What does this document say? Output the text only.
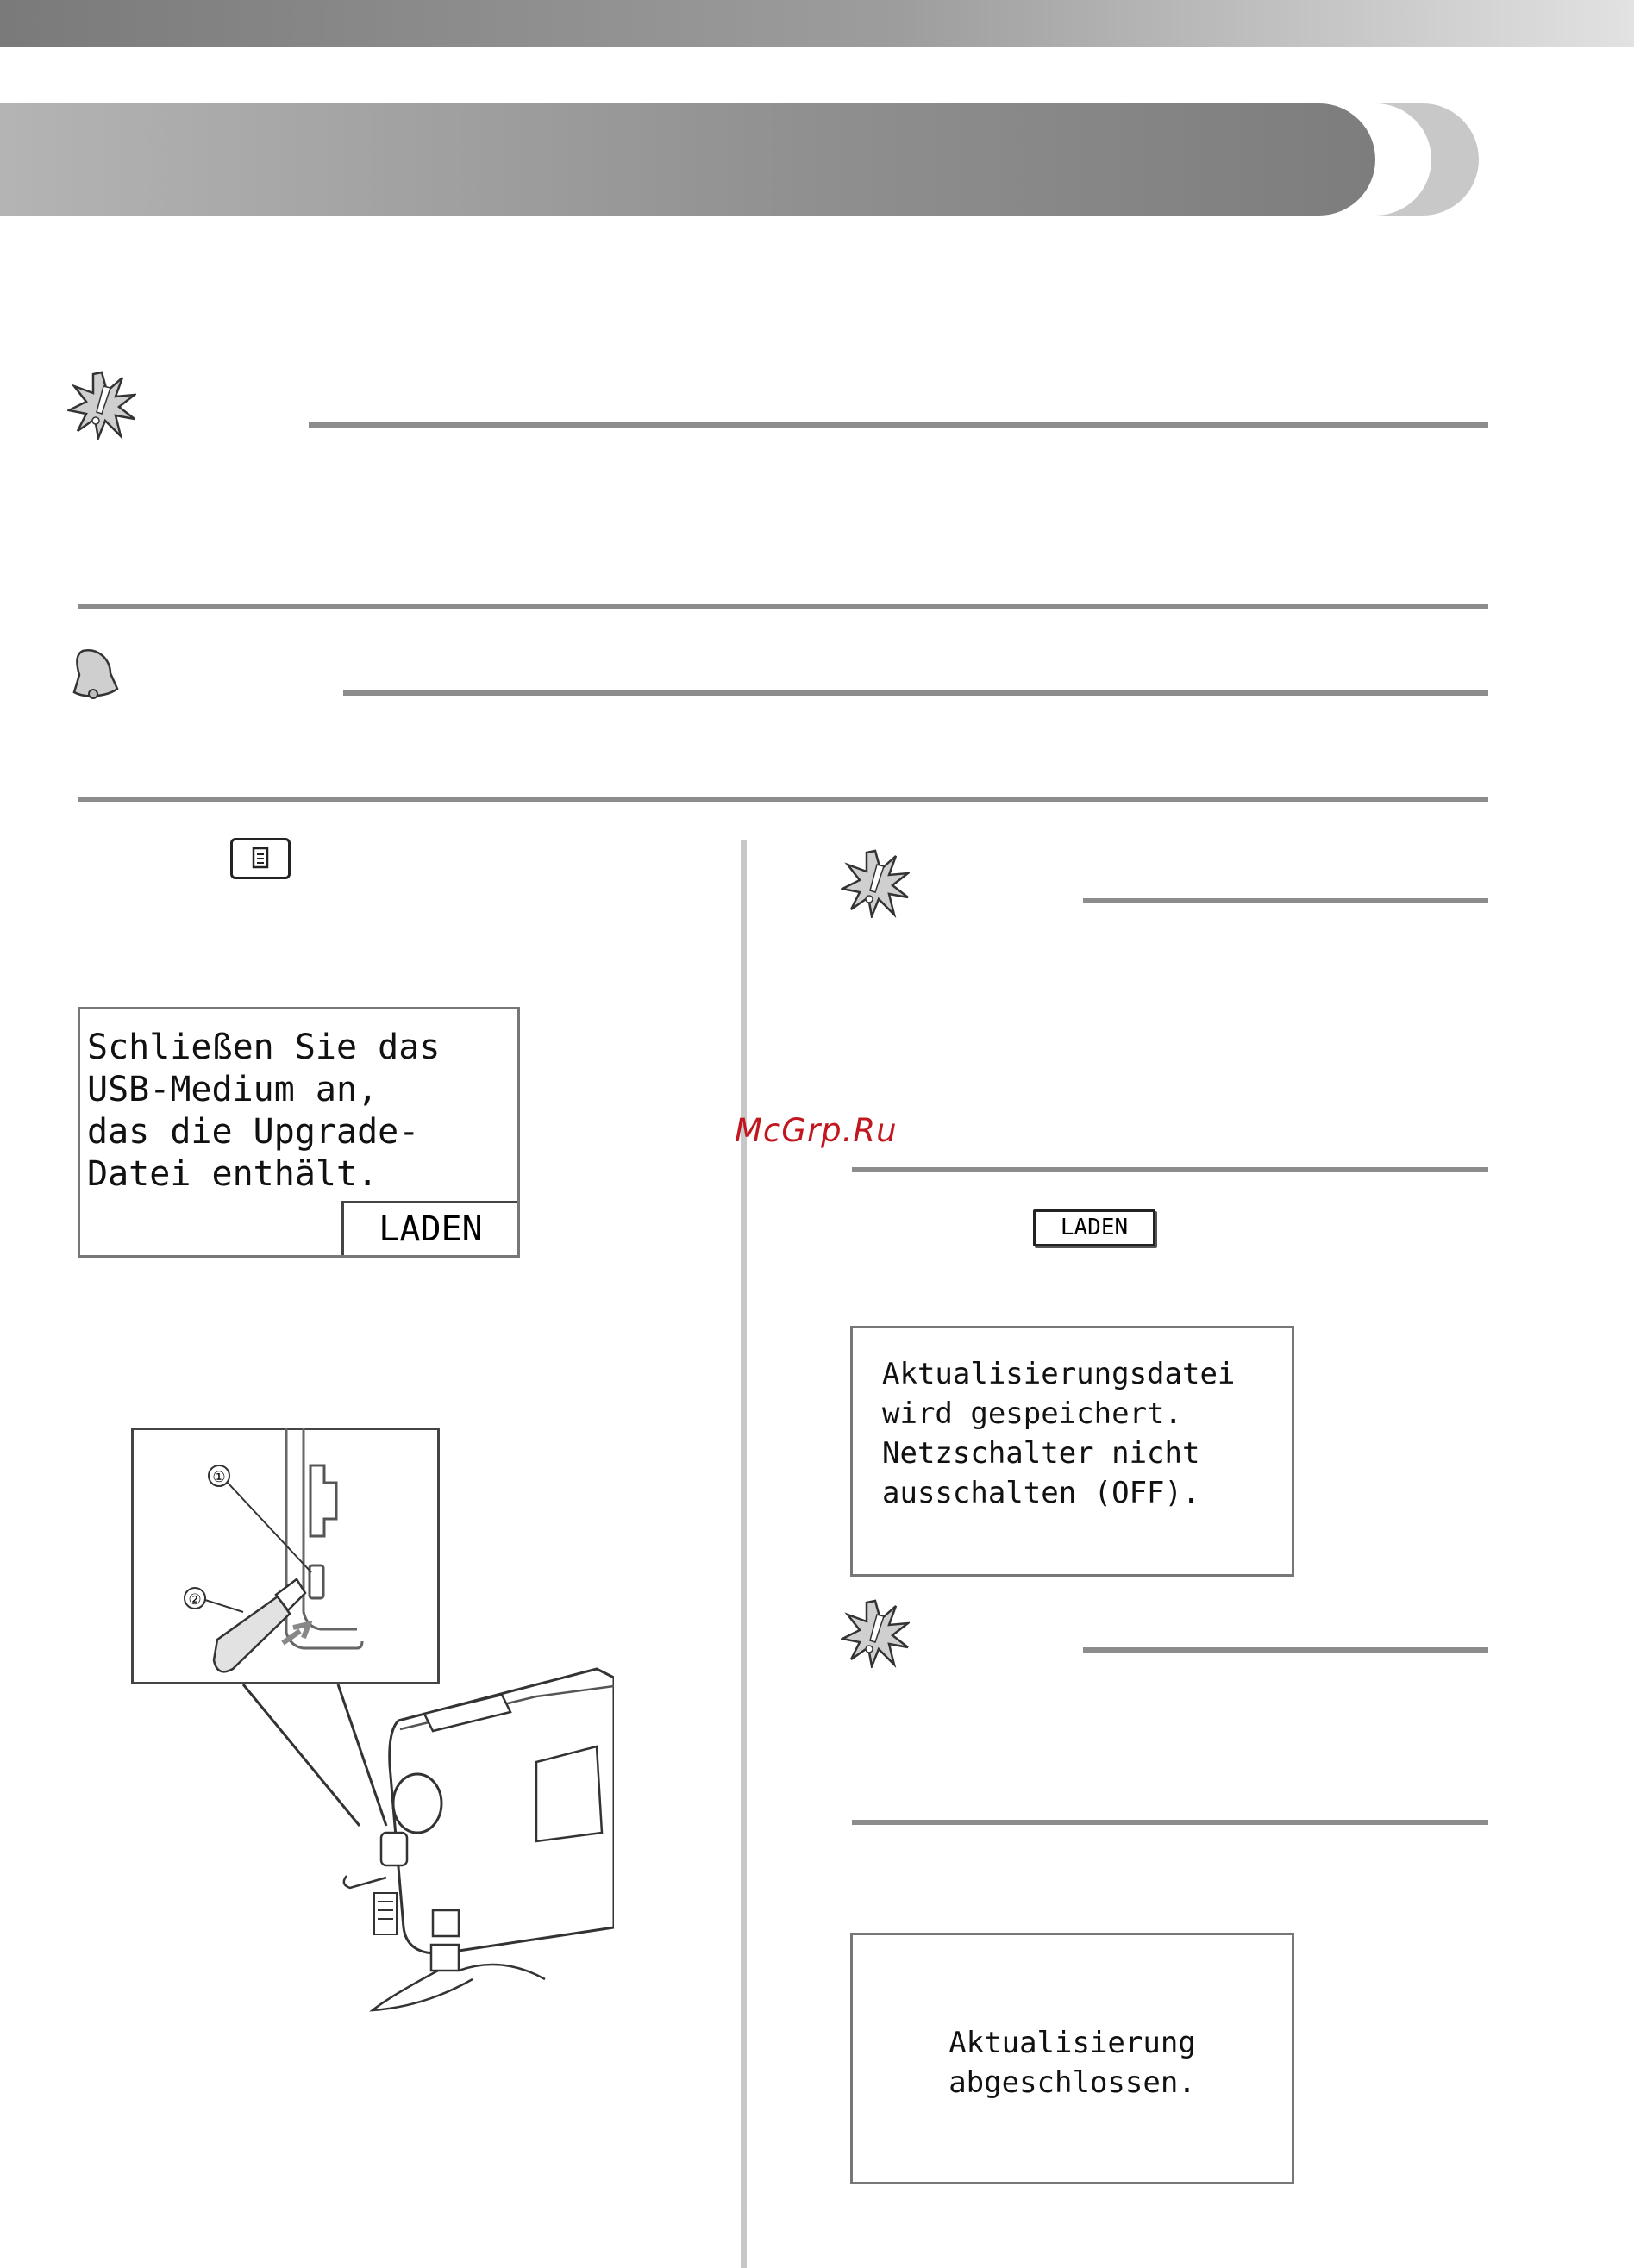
Schließen Sie das
USB-Medium an,
das die Upgrade-
Datei enthält.
LADEN
①
②
McGrp.Ru
LADEN
Aktualisierungsdatei
wird gespeichert.
Netzschalter nicht
ausschalten (OFF).
Aktualisierung
abgeschlossen.
